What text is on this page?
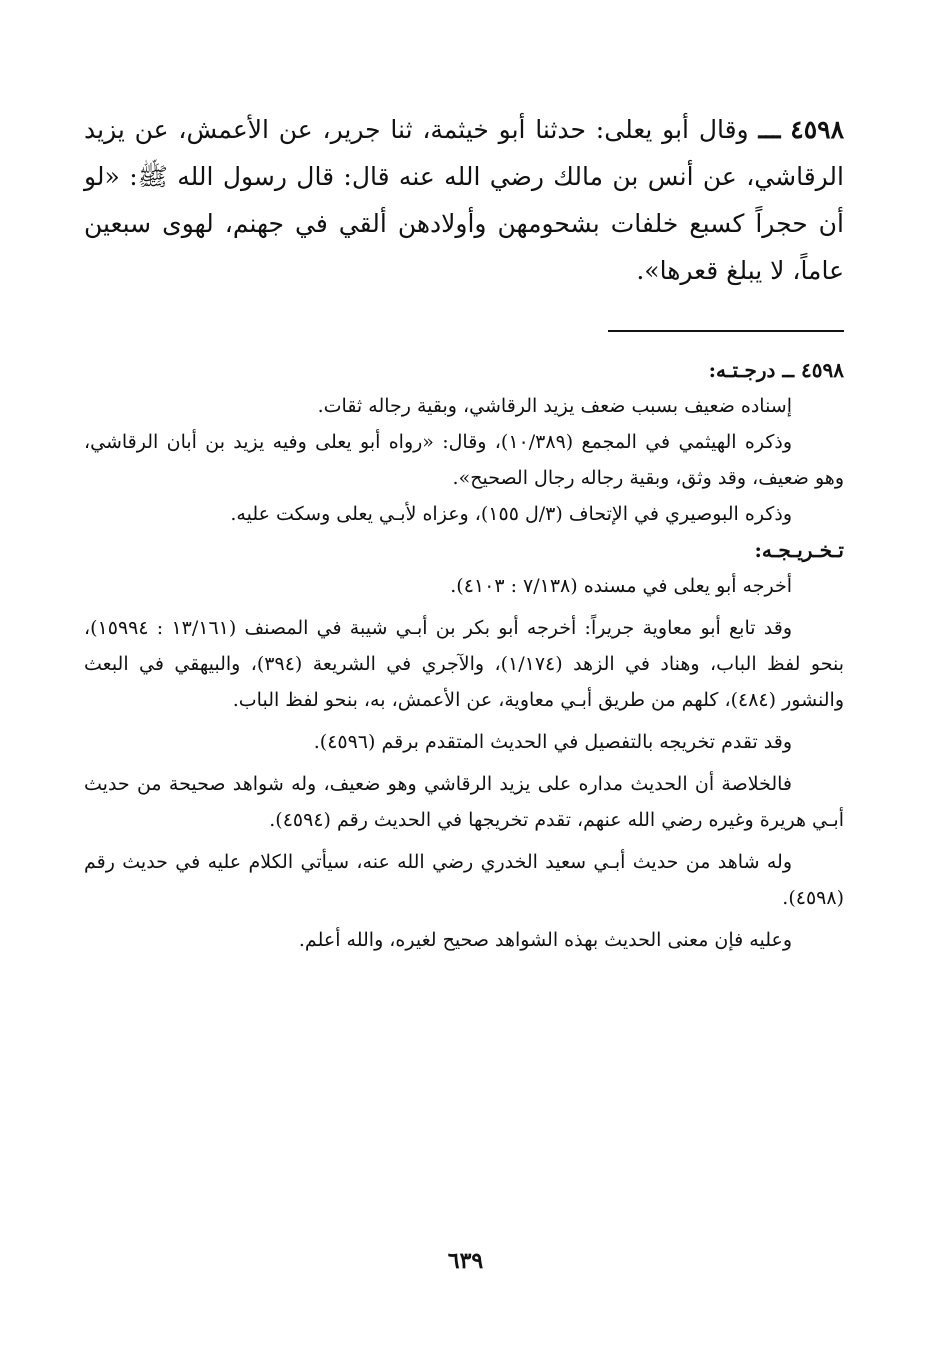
٤٥٩٨ ـــ وقال أبو يعلى: حدثنا أبو خيثمة، ثنا جرير، عن الأعمش، عن يزيد الرقاشي، عن أنس بن مالك رضي الله عنه قال: قال رسول الله ﷺ: «لو أن حجراً كسبع خلفات بشحومهن وأولادهن ألقي في جهنم، لهوى سبعين عاماً، لا يبلغ قعرها».

٤٥٩٨ ــ درجـتـه:

إسناده ضعيف بسبب ضعف يزيد الرقاشي، وبقية رجاله ثقات.

وذكره الهيثمي في المجمع (١٠/٣٨٩)، وقال: «رواه أبو يعلى وفيه يزيد بن أبان الرقاشي، وهو ضعيف، وقد وثق، وبقية رجاله رجال الصحيح».

وذكره البوصيري في الإتحاف (٣/ل ١٥٥)، وعزاه لأبـي يعلى وسكت عليه.

تـخـريـجـه:

أخرجه أبو يعلى في مسنده (٧/١٣٨ : ٤١٠٣).

وقد تابع أبو معاوية جريراً: أخرجه أبو بكر بن أبـي شيبة في المصنف (١٣/١٦١ : ١٥٩٩٤)، بنحو لفظ الباب، وهناد في الزهد (١/١٧٤)، والآجري في الشريعة (٣٩٤)، والبيهقي في البعث والنشور (٤٨٤)، كلهم من طريق أبـي معاوية، عن الأعمش، به، بنحو لفظ الباب.

وقد تقدم تخريجه بالتفصيل في الحديث المتقدم برقم (٤٥٩٦).

فالخلاصة أن الحديث مداره على يزيد الرقاشي وهو ضعيف، وله شواهد صحيحة من حديث أبـي هريرة وغيره رضي الله عنهم، تقدم تخريجها في الحديث رقم (٤٥٩٤).

وله شاهد من حديث أبـي سعيد الخدري رضي الله عنه، سيأتي الكلام عليه في حديث رقم (٤٥٩٨).

وعليه فإن معنى الحديث بهذه الشواهد صحيح لغيره، والله أعلم.

٦٣٩
